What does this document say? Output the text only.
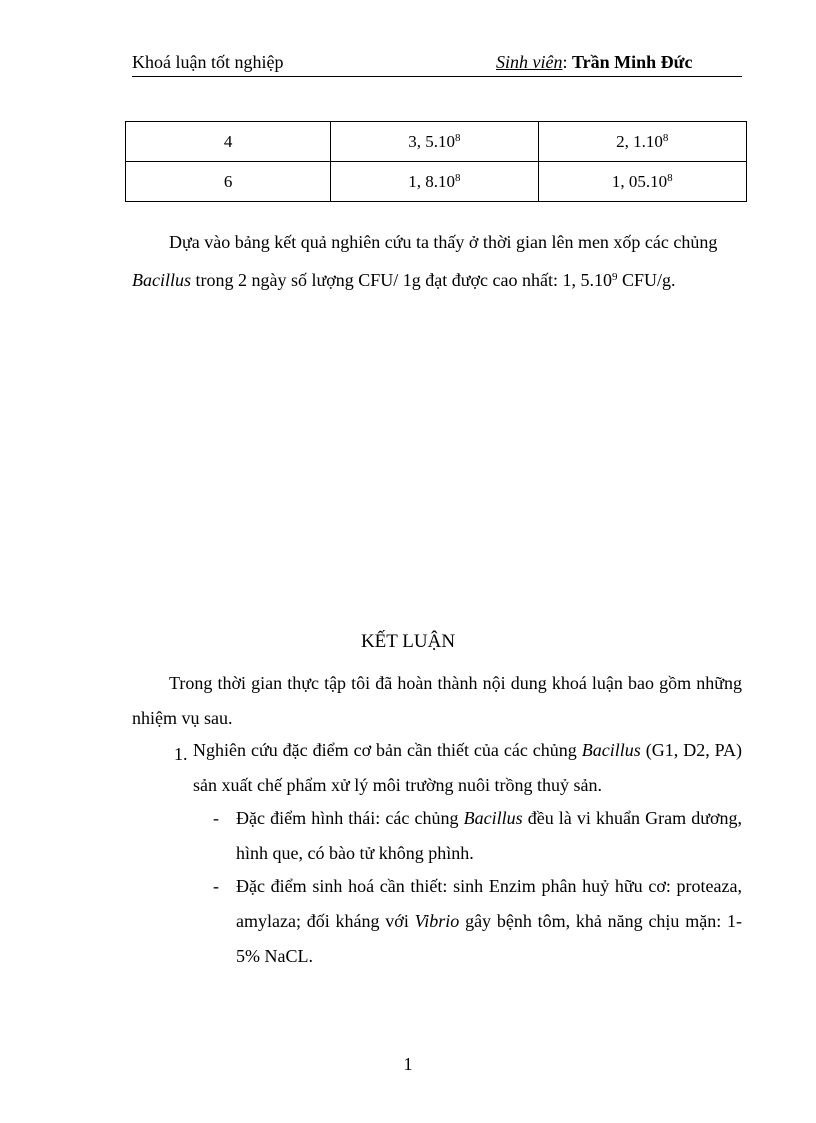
Khoá luận tốt nghiệp	Sinh viên: Trần Minh Đức
4	3, 5.10$^8$	2, 1.10$^8$
6	1, 8.10$^8$	1, 05.10$^8$
Dựa vào bảng kết quả nghiên cứu ta thấy ở thời gian lên men xốp các chủng Bacillus trong 2 ngày số lượng CFU/ 1g đạt được cao nhất: 1, 5.10$^9$ CFU/g.
KẾT LUẬN
Trong thời gian thực tập tôi đã hoàn thành nội dung khoá luận bao gồm những nhiệm vụ sau.
1. Nghiên cứu đặc điểm cơ bản cần thiết của các chủng Bacillus (G1, D2, PA) sản xuất chế phẩm xử lý môi trường nuôi trồng thuỷ sản.
- Đặc điểm hình thái: các chủng Bacillus đều là vi khuẩn Gram dương, hình que, có bào tử không phình.
- Đặc điểm sinh hoá cần thiết: sinh Enzim phân huỷ hữu cơ: proteaza, amylaza; đối kháng với Vibrio gây bệnh tôm, khả năng chịu mặn: 1-5% NaCL.
1
